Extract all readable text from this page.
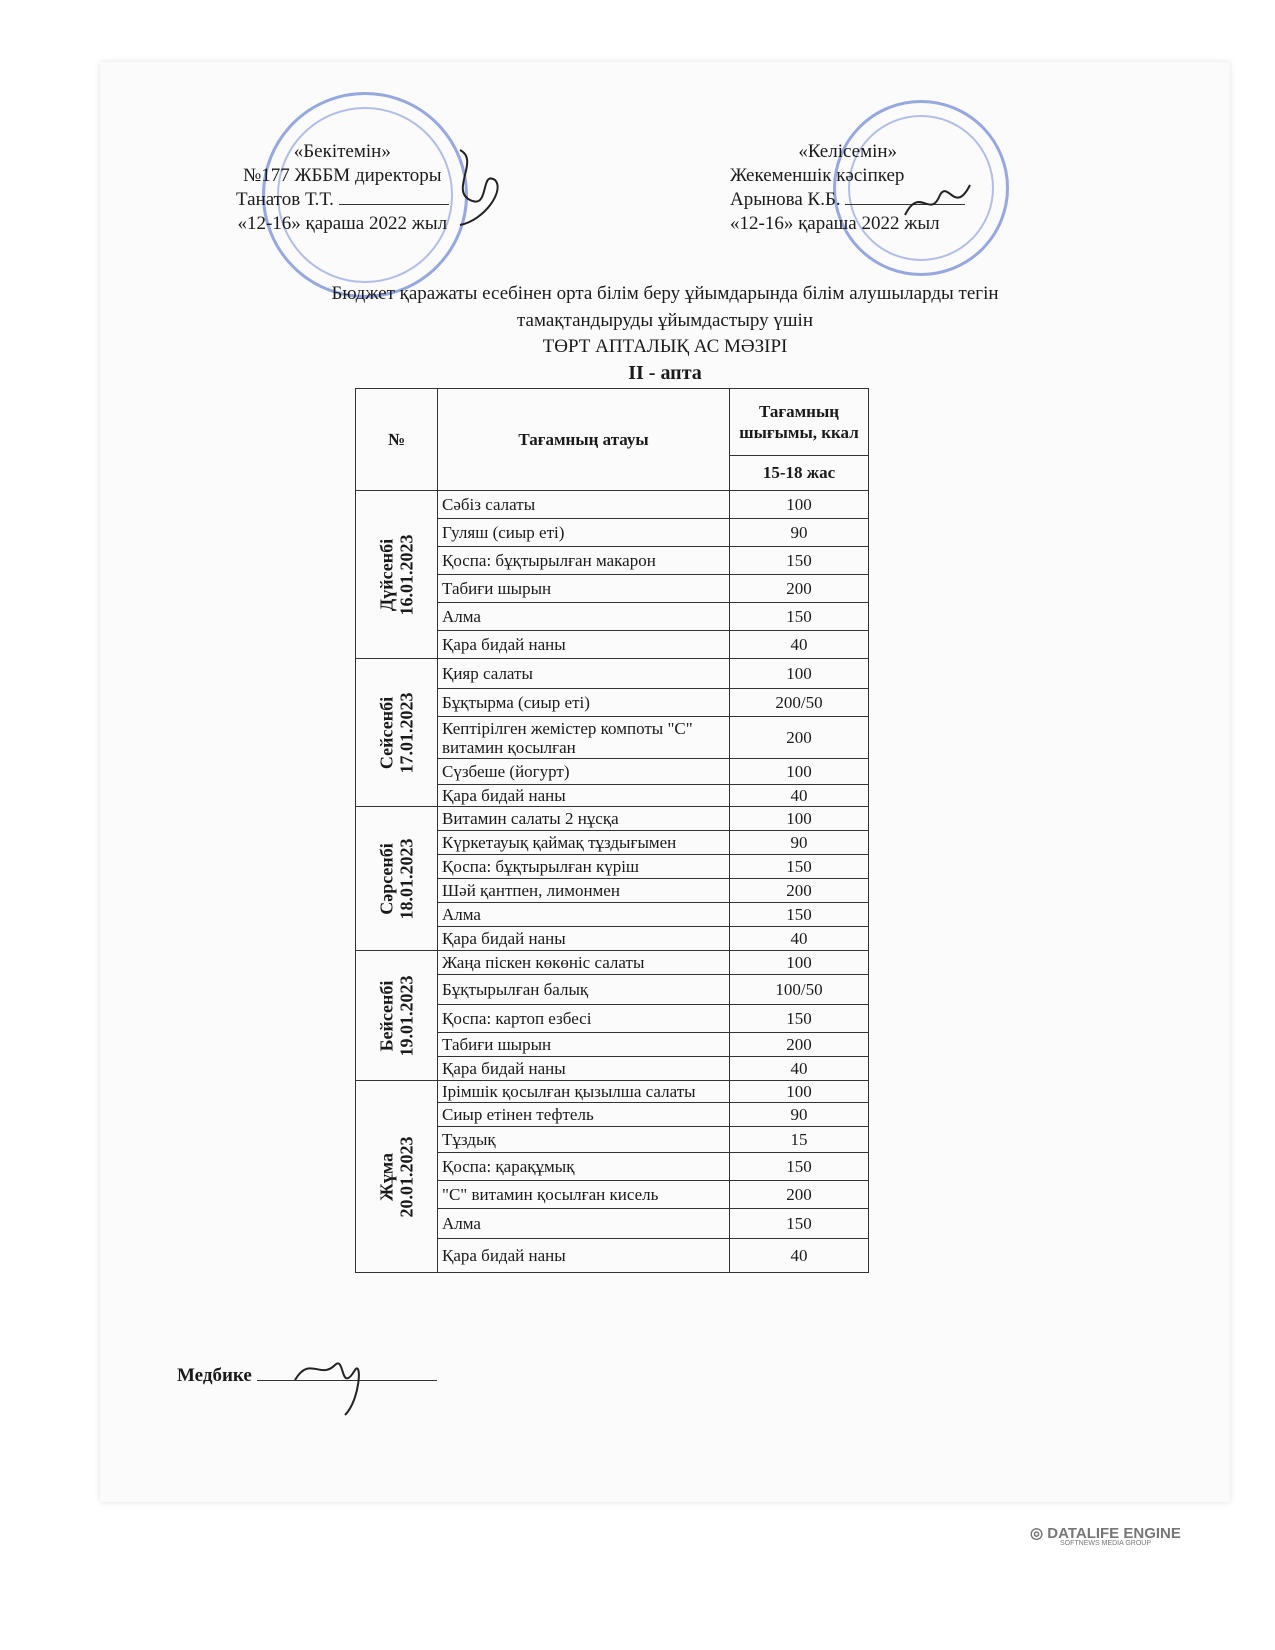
«Бекітемін»
№177 ЖББМ директоры
Танатов Т.Т.
«12-16» қараша 2022 жыл
«Келісемін»
Жекеменшік кәсіпкер
Арынова К.Б.
«12-16» қараша 2022 жыл
Бюджет қаражаты есебінен орта білім беру ұйымдарында білім алушыларды тегін
тамақтандыруды ұйымдастыру үшін
ТӨРТ АПТАЛЫҚ АС МӘЗІРІ
II - апта
№	Тағамның атауы	Тағамның шығымы, ккал
		15-18 жас

Дүйсенбі
16.01.2023	Сәбіз салаты	100
	Гуляш (сиыр еті)	90
	Қоспа: бұқтырылған макарон	150
	Табиғи шырын	200
	Алма	150
	Қара бидай наны	40

Сейсенбі
17.01.2023	Қияр салаты	100
	Бұқтырма (сиыр еті)	200/50
	Кептірілген жемістер компоты "С" витамин қосылған	200
	Сүзбеше (йогурт)	100
	Қара бидай наны	40

Сәрсенбі
18.01.2023	Витамин салаты 2 нұсқа	100
	Күркетауық қаймақ тұздығымен	90
	Қоспа: бұқтырылған күріш	150
	Шәй қантпен, лимонмен	200
	Алма	150
	Қара бидай наны	40

Бейсенбі
19.01.2023	Жаңа піскен көкөніс салаты	100
	Бұқтырылған балық	100/50
	Қоспа: картоп езбесі	150
	Табиғи шырын	200
	Қара бидай наны	40

Жұма
20.01.2023	Ірімшік қосылған қызылша салаты	100
	Сиыр етінен тефтель	90
	Тұздық	15
	Қоспа: қарақұмық	150
	"С" витамин қосылған кисель	200
	Алма	150
	Қара бидай наны	40
Медбике
◎ DATALIFE ENGINE
SOFTNEWS MEDIA GROUP
